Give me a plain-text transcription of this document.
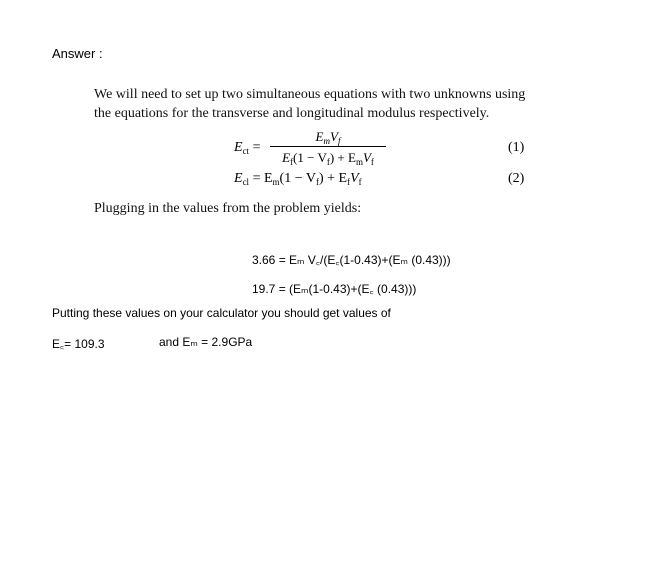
Answer :
We will need to set up two simultaneous equations with two unknowns using
the equations for the transverse and longitudinal modulus respectively.
$E_{ct}$ =
$E_mV_f$
$E_f(1 - V_f) + E_mV_f$
(1)
$E_{cl} = E_m(1 - V_f) + E_fV_f$	(2)
Plugging in the values from the problem yields:
3.66 = Eₘ V꜀/(E꜀(1-0.43)+(Eₘ (0.43)))
19.7 = (Eₘ(1-0.43)+(E꜀ (0.43)))
Putting these values on your calculator you should get values of
E꜀= 109.3	and Eₘ = 2.9GPa
